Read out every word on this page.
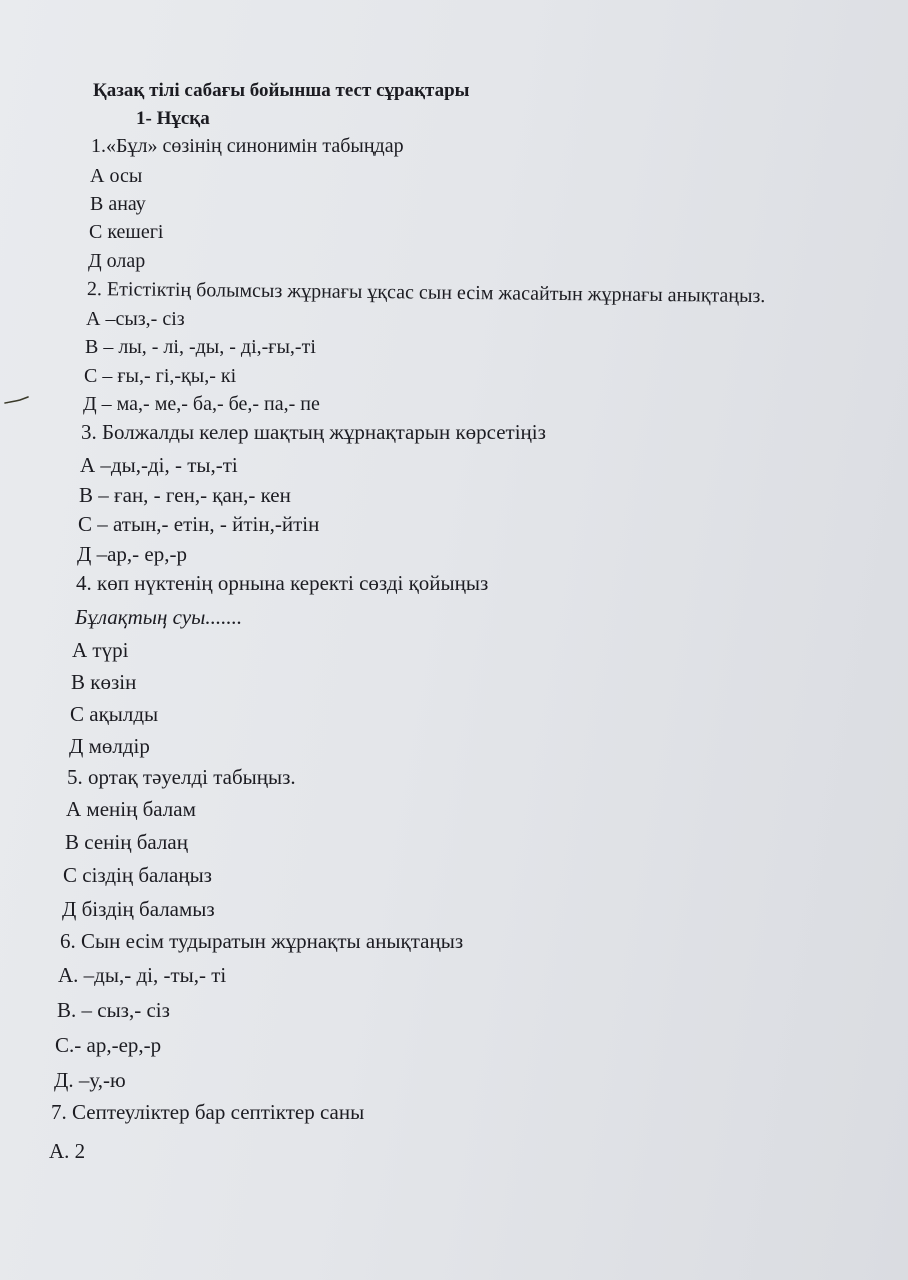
Қазақ тілі сабағы бойынша тест сұрақтары
1- Нұсқа
1.«Бұл» сөзінің синонимін табыңдар
А осы
В анау
С кешегі
Д олар
2. Етістіктің болымсыз жұрнағы ұқсас сын есім жасайтын жұрнағы анықтаңыз.
А –сыз,- сіз
В – лы, - лі, -ды, - ді,-ғы,-ті
С – ғы,- гі,-қы,- кі
Д – ма,- ме,- ба,- бе,- па,- пе
3. Болжалды келер шақтың жұрнақтарын көрсетіңіз
А –ды,-ді, - ты,-ті
В – ған, - ген,- қан,- кен
С – атын,- етін, - йтін,-йтін
Д –ар,- ер,-р
4. көп нүктенің орнына керекті сөзді қойыңыз
Бұлақтың суы.......
А түрі
В көзін
С ақылды
Д мөлдір
5. ортақ тәуелді табыңыз.
А менің балам
В сенің балаң
С сіздің балаңыз
Д біздің баламыз
6. Сын есім тудыратын жұрнақты анықтаңыз
А. –ды,- ді, -ты,- ті
В. – сыз,- сіз
С.- ар,-ер,-р
Д. –у,-ю
7. Септеуліктер бар септіктер саны
А. 2
